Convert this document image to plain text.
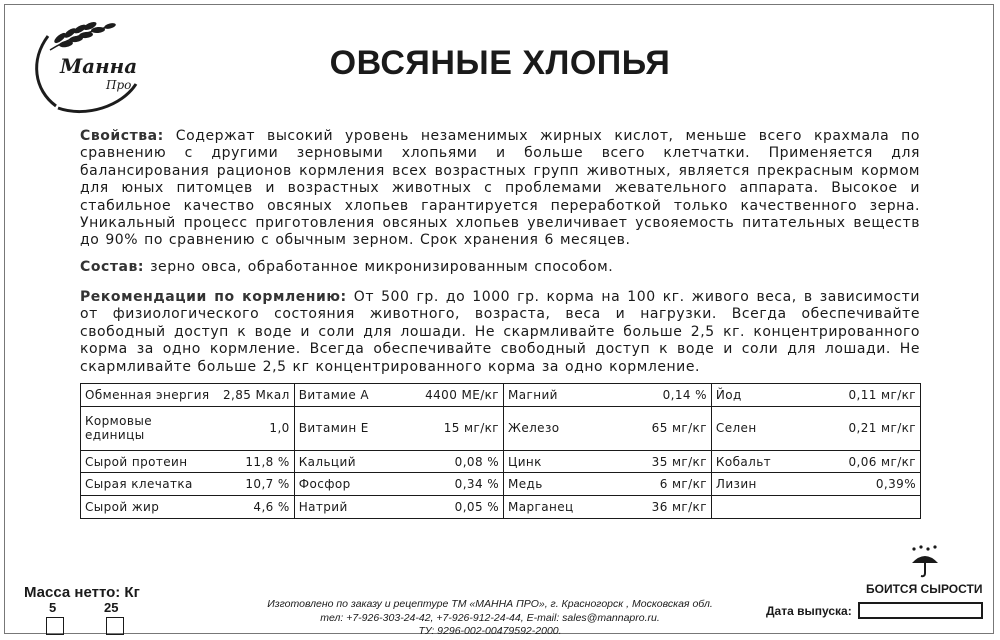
Манна
Про
ОВСЯНЫЕ ХЛОПЬЯ
Свойства: Содержат высокий уровень незаменимых жирных кислот, меньше всего крахмала по сравнению с другими зерновыми хлопьями и больше всего клетчатки. Применяется для балансирования рационов кормления всех возрастных групп животных, является прекрасным кормом для юных питомцев и возрастных животных с проблемами жевательного аппарата. Высокое и стабильное качество овсяных хлопьев гарантируется переработкой только качественного зерна. Уникальный процесс приготовления овсяных хлопьев увеличивает усвояемость питательных веществ до 90% по сравнению с обычным зерном. Срок хранения 6 месяцев.
Состав: зерно овса, обработанное микронизированным способом.
Рекомендации по кормлению: От 500 гр. до 1000 гр. корма на 100 кг. живого веса, в зависимости от физиологического состояния животного, возраста, веса и нагрузки. Всегда обеспечивайте свободный доступ к воде и соли для лошади. Не скармливайте больше 2,5 кг. концентрированного корма за одно кормление. Всегда обеспечивайте свободный доступ к воде и соли для лошади. Не скармливайте больше 2,5 кг концентрированного корма за одно кормление.
Обменная энергия	2,85 Мкал	Витамие А	4400 МЕ/кг	Магний	0,14 %	Йод	0,11 мг/кг
Кормовые единицы	1,0	Витамин Е	15 мг/кг	Железо	65 мг/кг	Селен	0,21 мг/кг
Сырой протеин	11,8 %	Кальций	0,08 %	Цинк	35 мг/кг	Кобальт	0,06 мг/кг
Сырая клечатка	10,7 %	Фосфор	0,34 %	Медь	6 мг/кг	Лизин	0,39%
Сырой жир	4,6 %	Натрий	0,05 %	Марганец	36 мг/кг		
Масса нетто: Кг
5	25	Изготовлено по заказу и рецептуре ТМ «МАННА ПРО», г. Красногорск , Московская обл.
тел: +7-926-303-24-42, +7-926-912-24-44, E-mail: sales@mannapro.ru.
ТУ: 9296-002-00479592-2000.
БОИТСЯ СЫРОСТИ
Дата выпуска:
